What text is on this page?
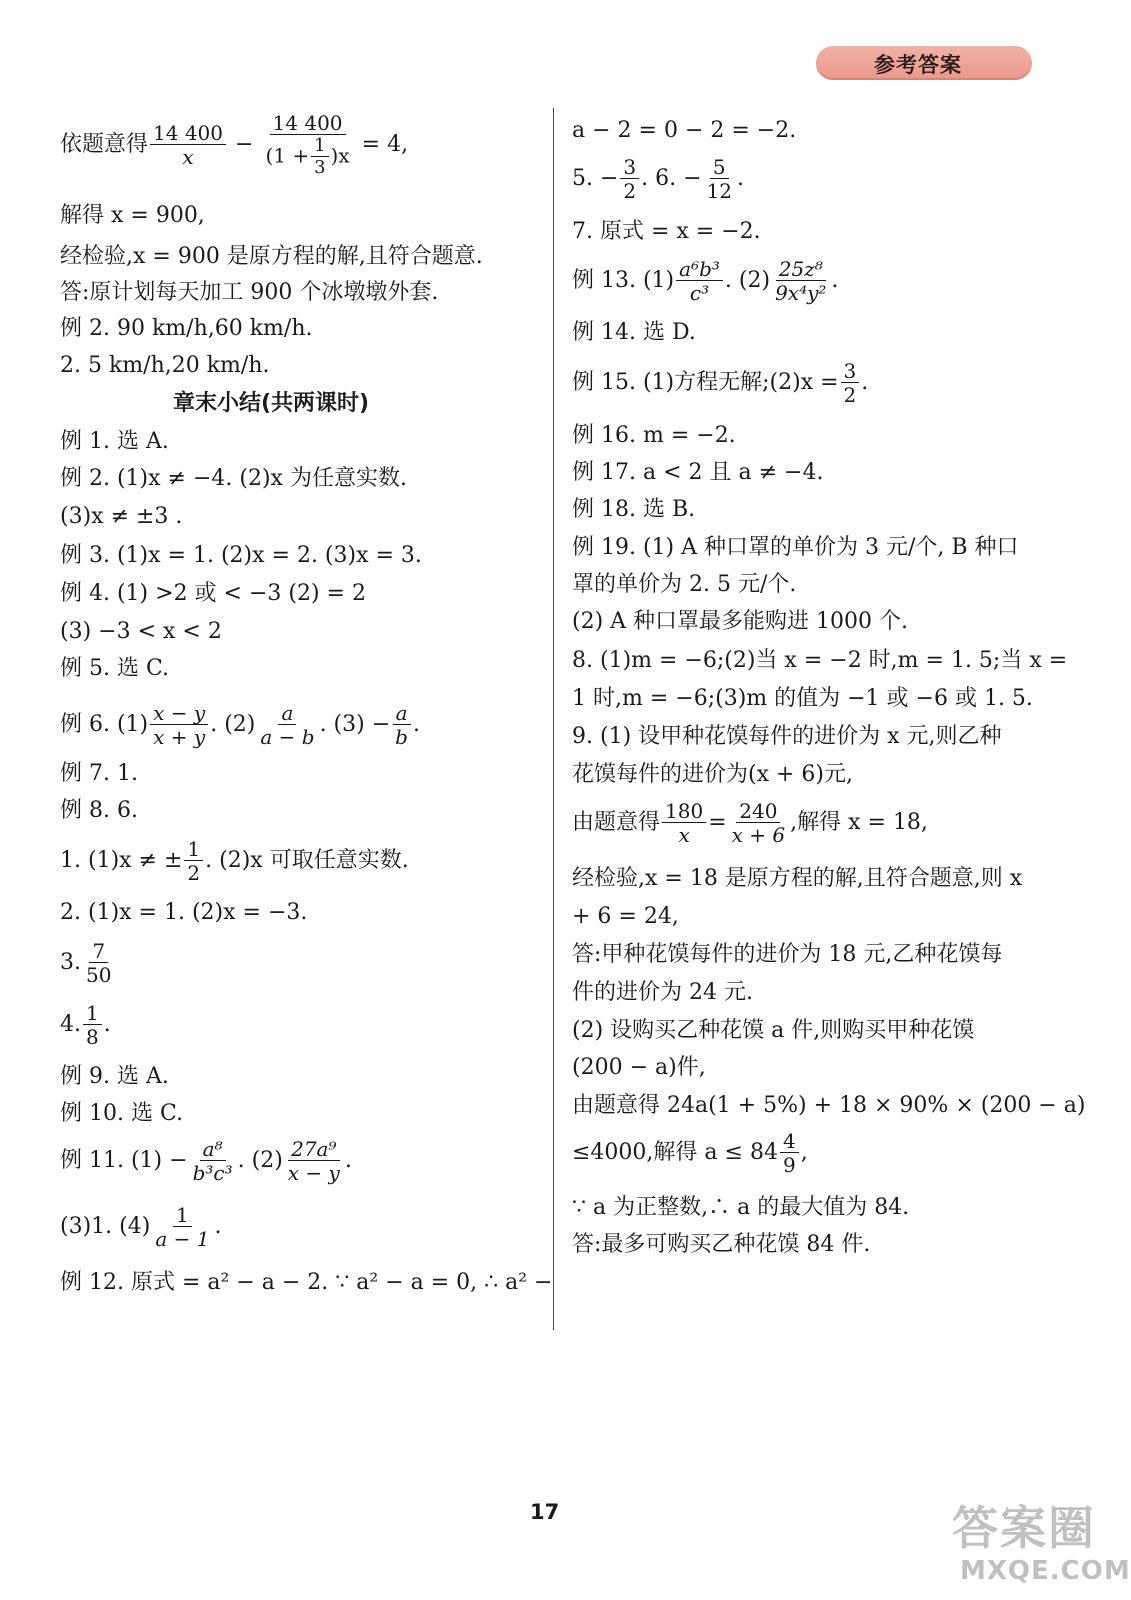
参考答案
依题意得 $\frac{14 400}{x} - \frac{14 400}{(1 + \frac{1}{3} )x} = 4$,
解得 x = 900,
经检验,x = 900 是原方程的解,且符合题意.
答:原计划每天加工 900 个冰墩墩外套.
例 2. 90 km/h,60 km/h.
2. 5 km/h,20 km/h.
章末小结(共两课时)
例 1. 选 A.
例 2. (1)x ≠ −4. (2)x 为任意实数.
(3)x ≠ ±3 .
例 3. (1)x = 1. (2)x = 2. (3)x = 3.
例 4. (1) >2 或 < −3 (2) = 2
(3) −3 < x < 2
例 5. 选 C.
例 6. $(1) \frac{x - y}{x + y}$ . $(2) \frac{a}{a - b}$ . $(3) - \frac{a}{b}$ .
例 7. 1.
例 8. 6.
1. (1)x ≠ ± $\frac{1}{2}$ . (2)x 可取任意实数.
2. (1)x = 1. (2)x = −3.
3. $\frac{7}{50}$
4. $\frac{1}{8}$ .
例 9. 选 A.
例 10. 选 C.
例 11. $(1) - \frac{\text{a⁸}}{\text{b³c³}}$ . $(2) \frac{\text{27a⁹}}{x - y}$ .
(3)1. $(4) \frac{1}{a - 1}$ .
例 12. 原式 = a² − a − 2. ∵ a² − a = 0, ∴ a² −
a − 2 = 0 − 2 = −2.
5. − $\frac{3}{2}$ . 6. − $\frac{5}{12}$ .
7. 原式 = x = −2.
例 13. $(1) \frac{\text{a⁶b³}}{\text{c³}}$ . $(2) \frac{\text{25z⁸}}{\text{9x⁴y²}}$ .
例 14. 选 D.
例 15. (1)方程无解;(2)x = $\frac{3}{2}$ .
例 16. m = −2.
例 17. a < 2 且 a ≠ −4.
例 18. 选 B.
例 19. (1) A 种口罩的单价为 3 元/个, B 种口
罩的单价为 2. 5 元/个.
(2) A 种口罩最多能购进 1000 个.
8. (1)m = −6;(2)当 x = −2 时,m = 1. 5;当 x =
1 时,m = −6;(3)m 的值为 −1 或 −6 或 1. 5.
9. (1) 设甲种花馍每件的进价为 x 元,则乙种
花馍每件的进价为(x + 6)元,
由题意得 $\frac{180}{x} = \frac{240}{x + 6}$ ,解得 x = 18,
经检验,x = 18 是原方程的解,且符合题意,则 x
+ 6 = 24,
答:甲种花馍每件的进价为 18 元,乙种花馍每
件的进价为 24 元.
(2) 设购买乙种花馍 a 件,则购买甲种花馍
(200 − a)件,
由题意得 24a(1 + 5%) + 18 × 90% × (200 − a)
≤4000,解得 $a \le 84 \frac{4}{9}$ ,
∵ a 为正整数,∴ a 的最大值为 84.
答:最多可购买乙种花馍 84 件.
17	答案圈
MXQE.COM
